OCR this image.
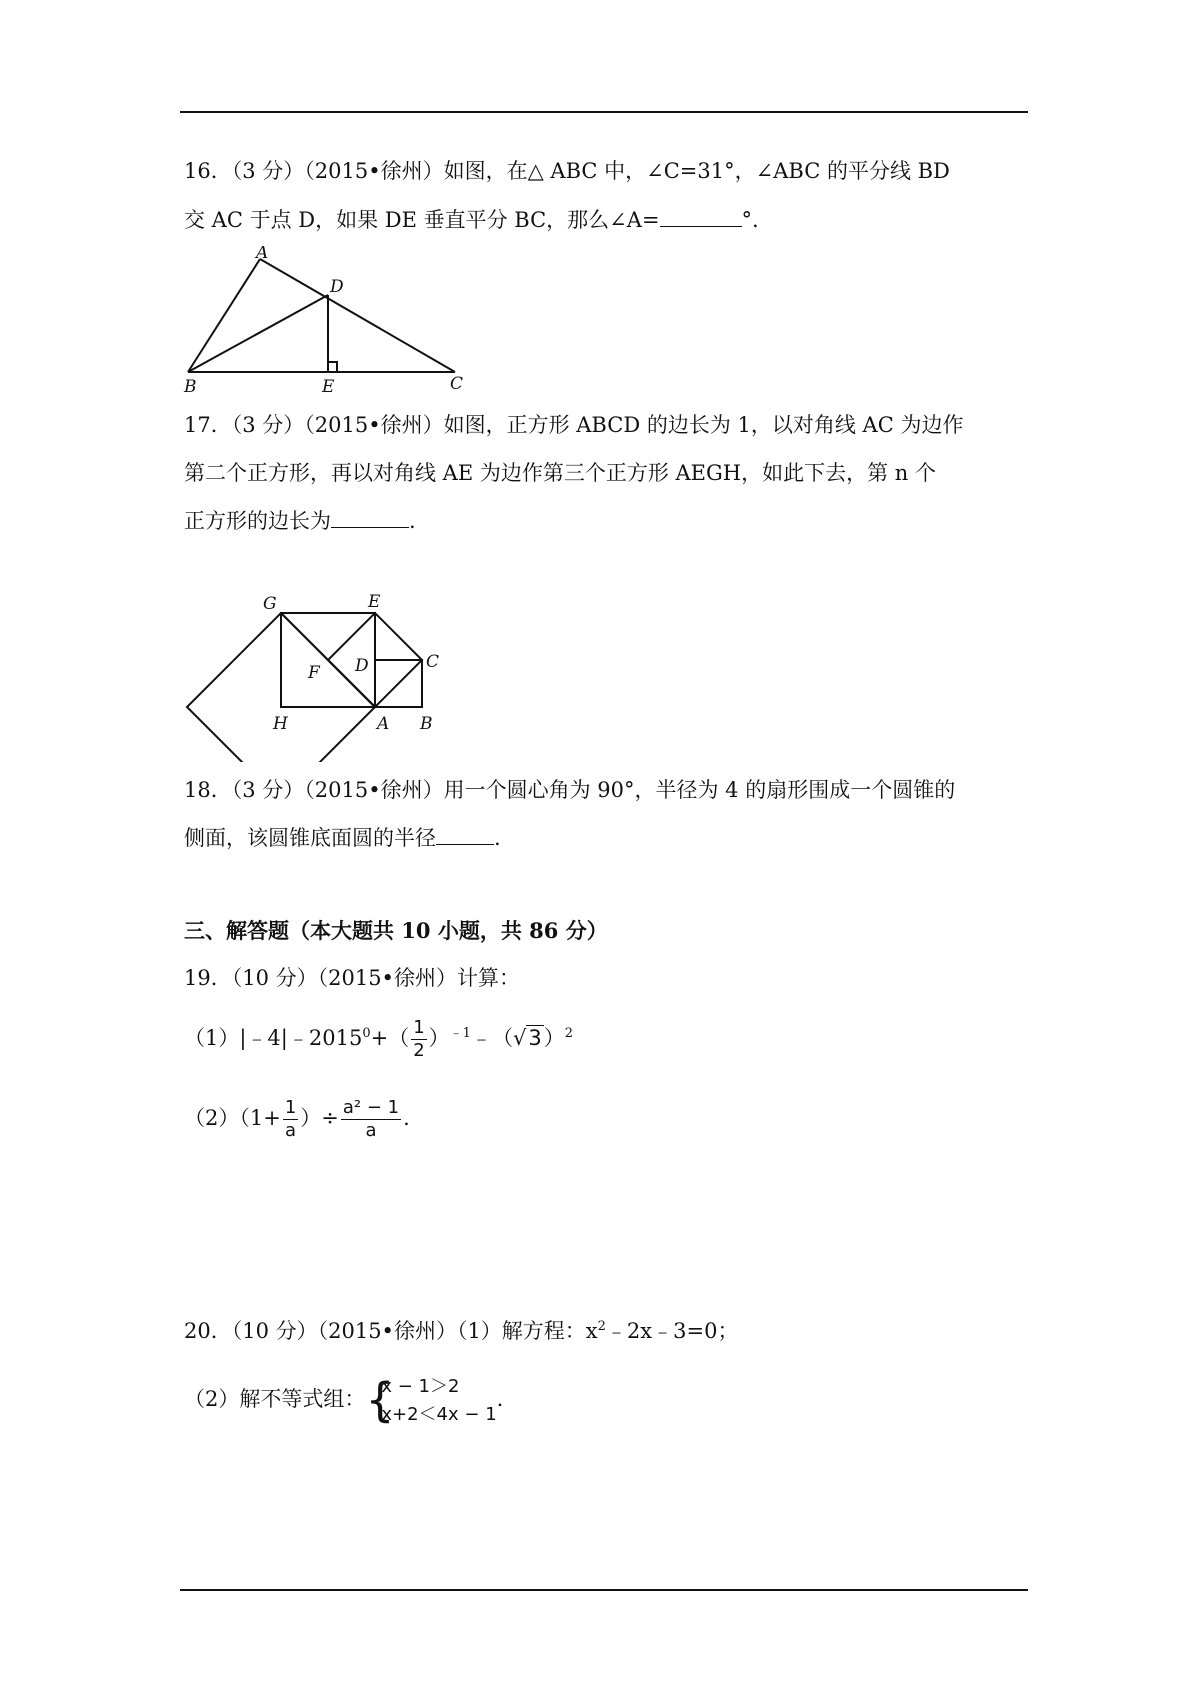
16．（3 分）（2015•徐州）如图，在△ ABC 中，∠C=31°，∠ABC 的平分线 BD
交 AC 于点 D，如果 DE 垂直平分 BC，那么∠A=	°.
A
D
B	E	C
17．（3 分）（2015•徐州）如图，正方形 ABCD 的边长为 1，以对角线 AC 为边作
第二个正方形，再以对角线 AE 为边作第三个正方形 AEGH，如此下去，第 n 个
正方形的边长为	.
G	E
C
F D
H	A B
18．（3 分）（2015•徐州）用一个圆心角为 90°，半径为 4 的扇形围成一个圆锥的
侧面，该圆锥底面圆的半径	.
三、解答题（本大题共 10 小题，共 86 分）
19．（10 分）（2015•徐州）计算：
$(1)|﹣4|﹣2015^0+( \frac{1}{2}$ ）$^{﹣1}﹣(√3)^2$
$(2)(1+ \frac{1}{a}$ ）÷ $\frac{\text{a² − 1}}{a}$ .
20．（10 分）（2015•徐州）（1）解方程：$x^2﹣2x﹣3=0$；
（2）解不等式组： {
x − 1＞2
x+2＜4x − 1
.
